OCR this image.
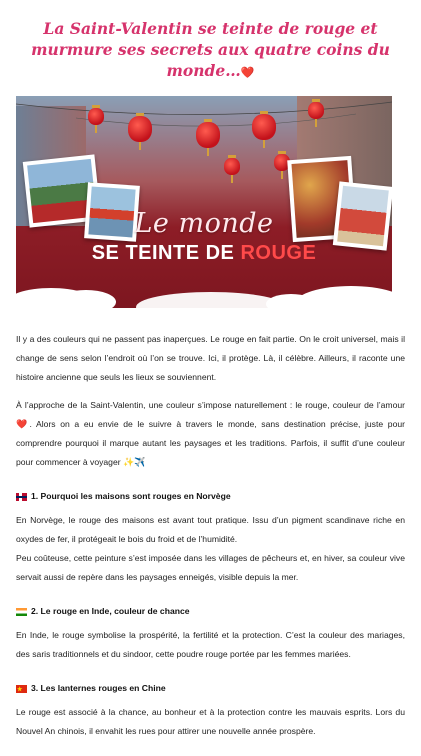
La Saint-Valentin se teinte de rouge et murmure ses secrets aux quatre coins du monde…❤️
Le monde
SE TEINTE DE ROUGE

Il y a des couleurs qui ne passent pas inaperçues. Le rouge en fait partie. On le croit universel, mais il change de sens selon l’endroit où l’on se trouve. Ici, il protège. Là, il célèbre. Ailleurs, il raconte une histoire ancienne que seuls les lieux se souviennent.

À l’approche de la Saint-Valentin, une couleur s’impose naturellement : le rouge, couleur de l’amour❤️. Alors on a eu envie de le suivre à travers le monde, sans destination précise, juste pour comprendre pourquoi il marque autant les paysages et les traditions. Parfois, il suffit d’une couleur pour commencer à voyager ✨✈️

1. Pourquoi les maisons sont rouges en Norvège

En Norvège, le rouge des maisons est avant tout pratique. Issu d’un pigment scandinave riche en oxydes de fer, il protégeait le bois du froid et de l’humidité.

Peu coûteuse, cette peinture s’est imposée dans les villages de pêcheurs et, en hiver, sa couleur vive servait aussi de repère dans les paysages enneigés, visible depuis la mer.

2. Le rouge en Inde, couleur de chance

En Inde, le rouge symbolise la prospérité, la fertilité et la protection. C’est la couleur des mariages, des saris traditionnels et du sindoor, cette poudre rouge portée par les femmes mariées.

★
3. Les lanternes rouges en Chine

Le rouge est associé à la chance, au bonheur et à la protection contre les mauvais esprits. Lors du Nouvel An chinois, il envahit les rues pour attirer une nouvelle année prospère.
